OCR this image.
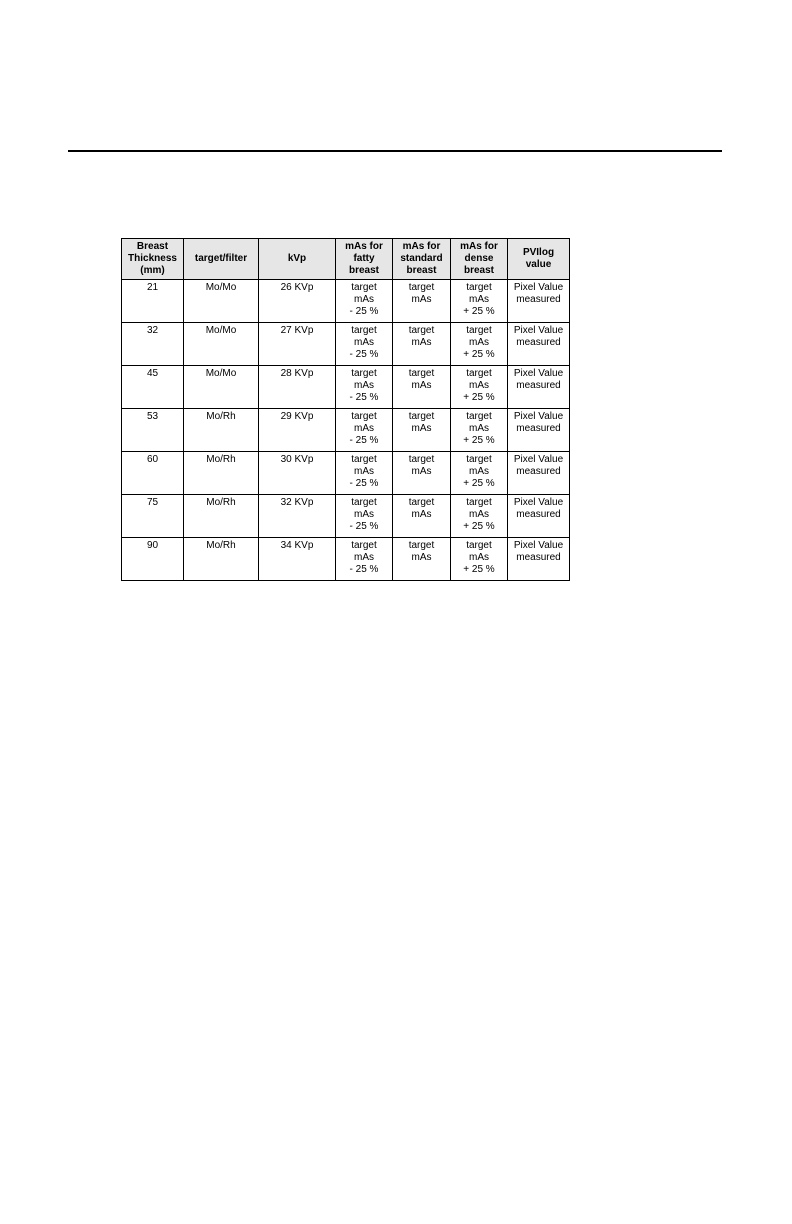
Breast
Thickness
(mm)	target/filter	kVp	mAs for
fatty
breast	mAs for
standard
breast	mAs for
dense
breast	PVIlog
value
21	Mo/Mo	26 KVp	target
mAs
- 25 %	target
mAs	target
mAs
+ 25 %	Pixel Value
measured
32	Mo/Mo	27 KVp	target
mAs
- 25 %	target
mAs	target
mAs
+ 25 %	Pixel Value
measured
45	Mo/Mo	28 KVp	target
mAs
- 25 %	target
mAs	target
mAs
+ 25 %	Pixel Value
measured
53	Mo/Rh	29 KVp	target
mAs
- 25 %	target
mAs	target
mAs
+ 25 %	Pixel Value
measured
60	Mo/Rh	30 KVp	target
mAs
- 25 %	target
mAs	target
mAs
+ 25 %	Pixel Value
measured
75	Mo/Rh	32 KVp	target
mAs
- 25 %	target
mAs	target
mAs
+ 25 %	Pixel Value
measured
90	Mo/Rh	34 KVp	target
mAs
- 25 %	target
mAs	target
mAs
+ 25 %	Pixel Value
measured
